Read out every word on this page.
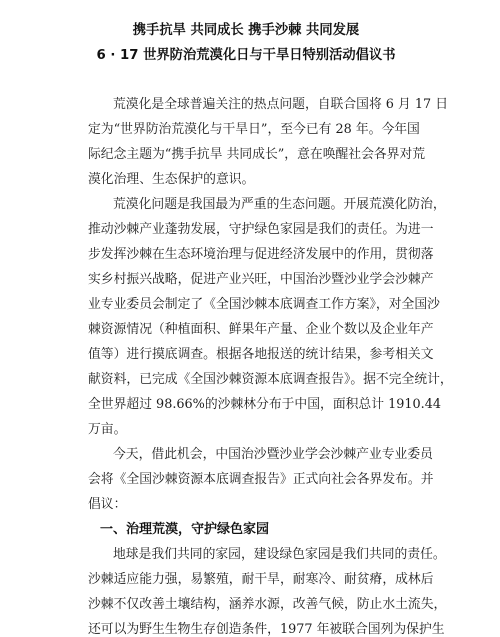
携手抗旱 共同成长 携手沙棘 共同发展
6 · 17 世界防治荒漠化日与干旱日特别活动倡议书
荒漠化是全球普遍关注的热点问题，自联合国将 6 月 17 日
定为“世界防治荒漠化与干旱日”，至今已有 28 年。今年国
际纪念主题为“携手抗旱 共同成长”，意在唤醒社会各界对荒
漠化治理、生态保护的意识。
荒漠化问题是我国最为严重的生态问题。开展荒漠化防治，
推动沙棘产业蓬勃发展，守护绿色家园是我们的责任。为进一
步发挥沙棘在生态环境治理与促进经济发展中的作用，贯彻落
实乡村振兴战略，促进产业兴旺，中国治沙暨沙业学会沙棘产
业专业委员会制定了《全国沙棘本底调查工作方案》，对全国沙
棘资源情况（种植面积、鲜果年产量、企业个数以及企业年产
值等）进行摸底调查。根据各地报送的统计结果，参考相关文
献资料，已完成《全国沙棘资源本底调查报告》。据不完全统计，
全世界超过 98.66%的沙棘林分布于中国，面积总计 1910.44
万亩。
今天，借此机会，中国治沙暨沙业学会沙棘产业专业委员
会将《全国沙棘资源本底调查报告》正式向社会各界发布。并
倡议：
一、治理荒漠，守护绿色家园
地球是我们共同的家园，建设绿色家园是我们共同的责任。
沙棘适应能力强，易繁殖，耐干旱，耐寒冷、耐贫瘠，成林后
沙棘不仅改善土壤结构，涵养水源，改善气候，防止水土流失，
还可以为野生生物生存创造条件，1977 年被联合国列为保护生
